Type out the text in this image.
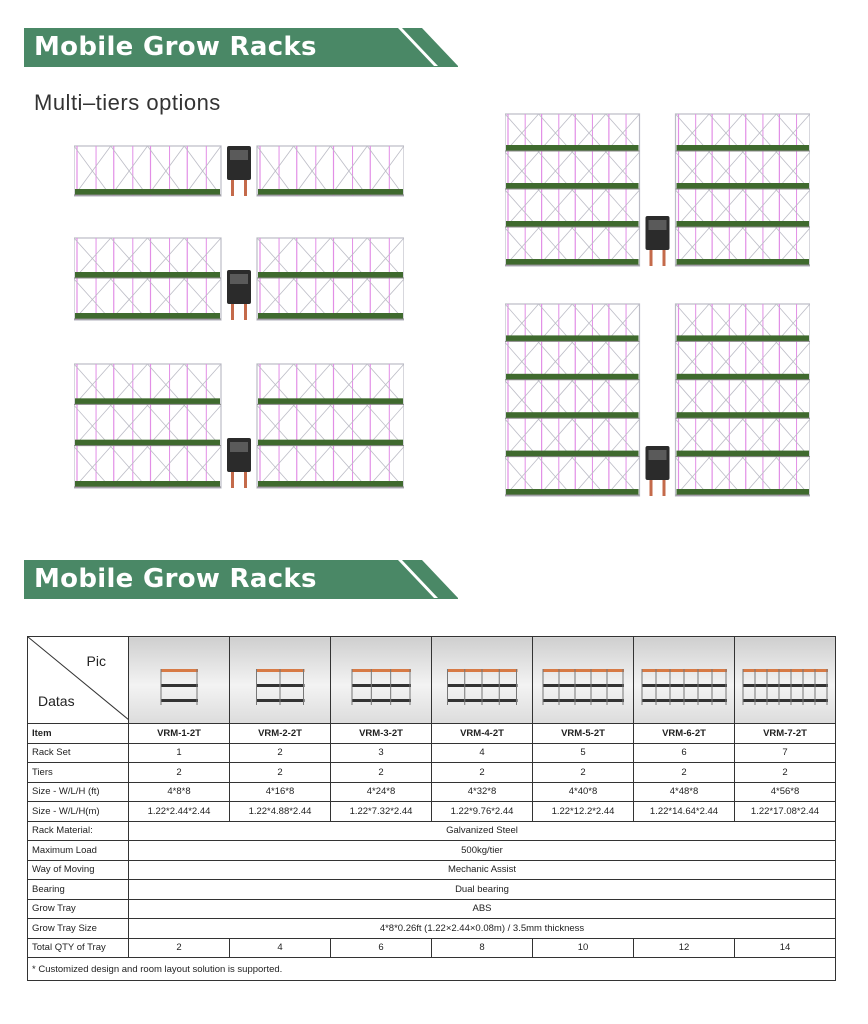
Mobile Grow Racks
Multi–tiers options
Mobile Grow Racks
Pic
Datas

Item	VRM-1-2T	VRM-2-2T	VRM-3-2T	VRM-4-2T	VRM-5-2T	VRM-6-2T	VRM-7-2T
Rack Set	1	2	3	4	5	6	7
Tiers	2	2	2	2	2	2	2
Size - W/L/H (ft)	4*8*8	4*16*8	4*24*8	4*32*8	4*40*8	4*48*8	4*56*8
Size - W/L/H(m)	1.22*2.44*2.44	1.22*4.88*2.44	1.22*7.32*2.44	1.22*9.76*2.44	1.22*12.2*2.44	1.22*14.64*2.44	1.22*17.08*2.44
Rack Material:	Galvanized Steel						
Maximum Load	500kg/tier						
Way of Moving	Mechanic Assist						
Bearing	Dual bearing						
Grow Tray	ABS						
Grow Tray Size	4*8*0.26ft (1.22×2.44×0.08m) / 3.5mm thickness						
Total QTY of Tray	2	4	6	8	10	12	14
* Customized design and room layout solution is supported.							
